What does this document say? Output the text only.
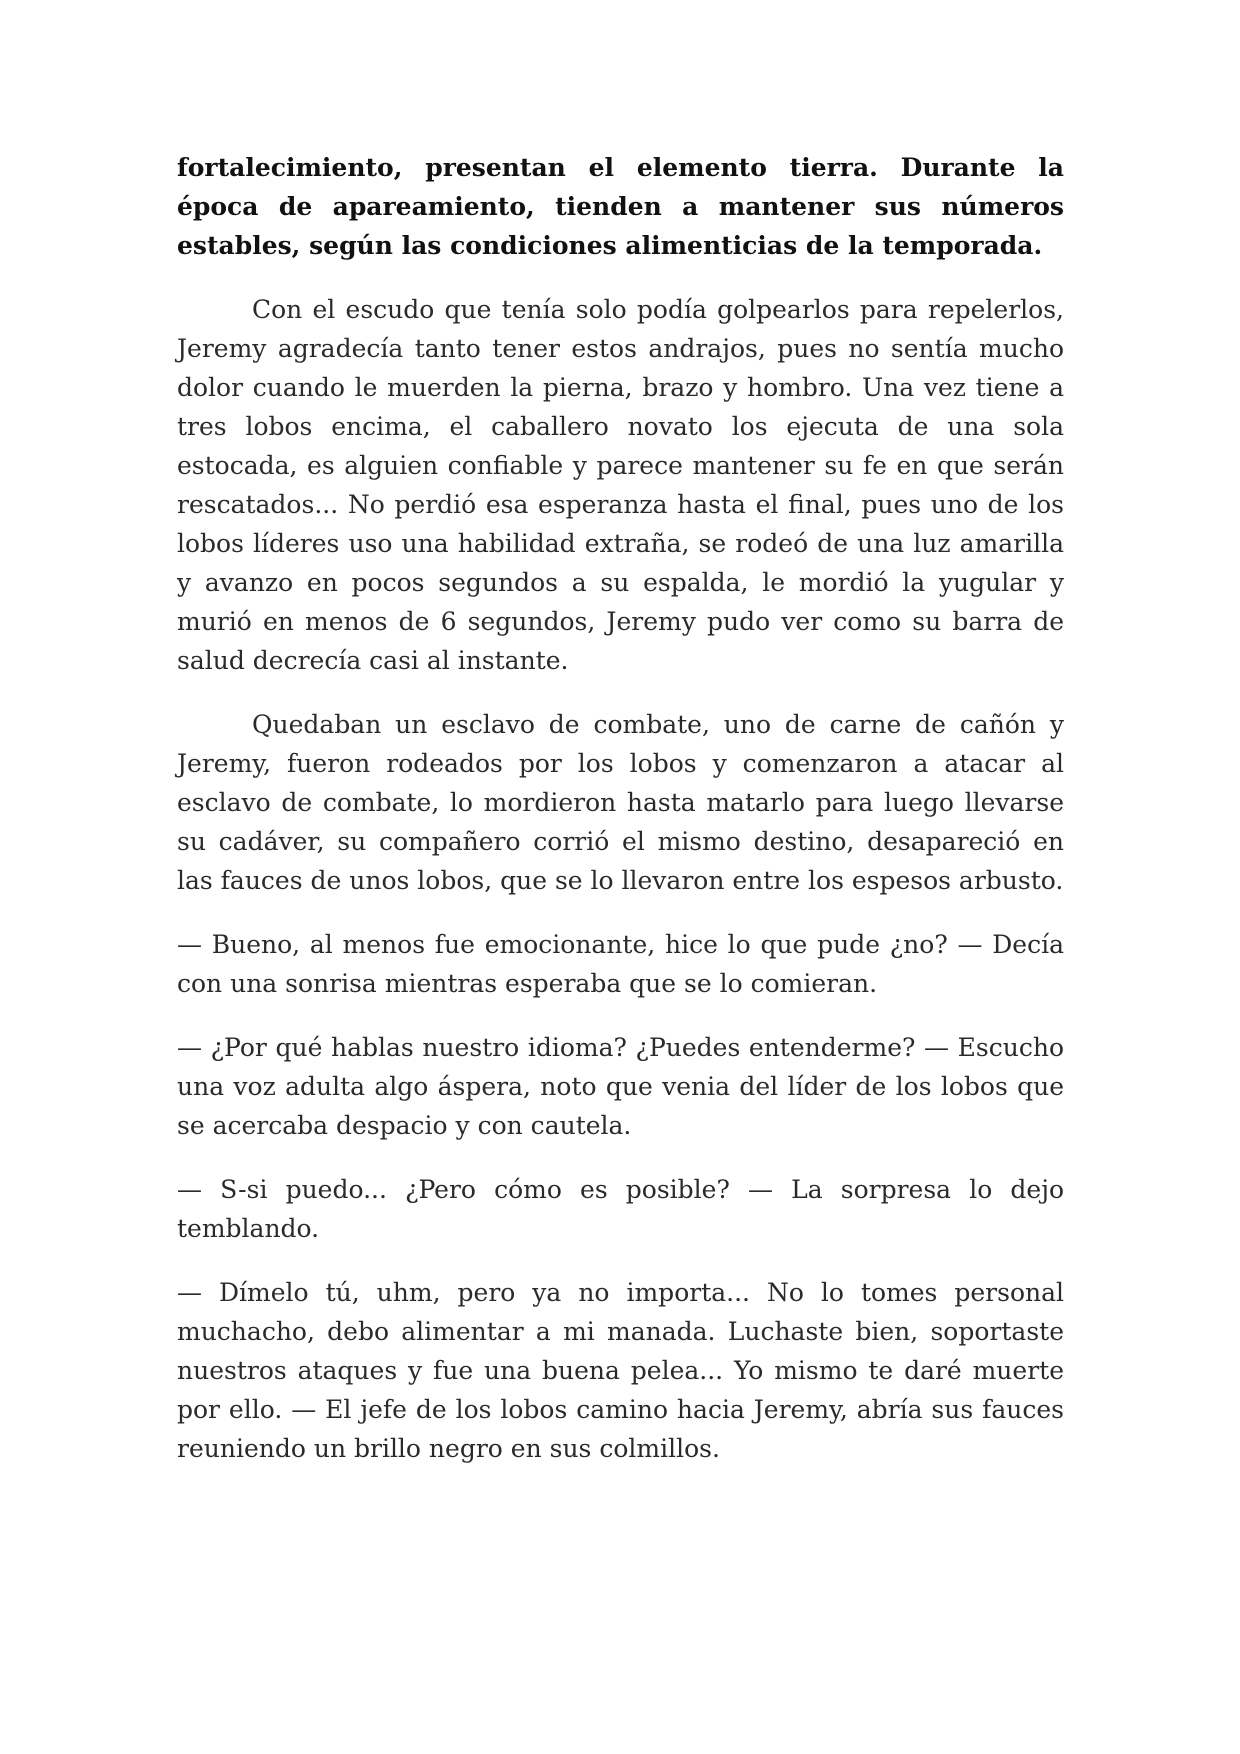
fortalecimiento, presentan el elemento tierra. Durante la época de apareamiento, tienden a mantener sus números estables, según las condiciones alimenticias de la temporada.

Con el escudo que tenía solo podía golpearlos para repelerlos, Jeremy agradecía tanto tener estos andrajos, pues no sentía mucho dolor cuando le muerden la pierna, brazo y hombro. Una vez tiene a tres lobos encima, el caballero novato los ejecuta de una sola estocada, es alguien confiable y parece mantener su fe en que serán rescatados... No perdió esa esperanza hasta el final, pues uno de los lobos líderes uso una habilidad extraña, se rodeó de una luz amarilla y avanzo en pocos segundos a su espalda, le mordió la yugular y murió en menos de 6 segundos, Jeremy pudo ver como su barra de salud decrecía casi al instante.

Quedaban un esclavo de combate, uno de carne de cañón y Jeremy, fueron rodeados por los lobos y comenzaron a atacar al esclavo de combate, lo mordieron hasta matarlo para luego llevarse su cadáver, su compañero corrió el mismo destino, desapareció en las fauces de unos lobos, que se lo llevaron entre los espesos arbusto.

— Bueno, al menos fue emocionante, hice lo que pude ¿no? — Decía con una sonrisa mientras esperaba que se lo comieran.

— ¿Por qué hablas nuestro idioma? ¿Puedes entenderme? — Escucho una voz adulta algo áspera, noto que venia del líder de los lobos que se acercaba despacio y con cautela.

— S-si puedo... ¿Pero cómo es posible? — La sorpresa lo dejo temblando.

— Dímelo tú, uhm, pero ya no importa... No lo tomes personal muchacho, debo alimentar a mi manada. Luchaste bien, soportaste nuestros ataques y fue una buena pelea... Yo mismo te daré muerte por ello. — El jefe de los lobos camino hacia Jeremy, abría sus fauces reuniendo un brillo negro en sus colmillos.
